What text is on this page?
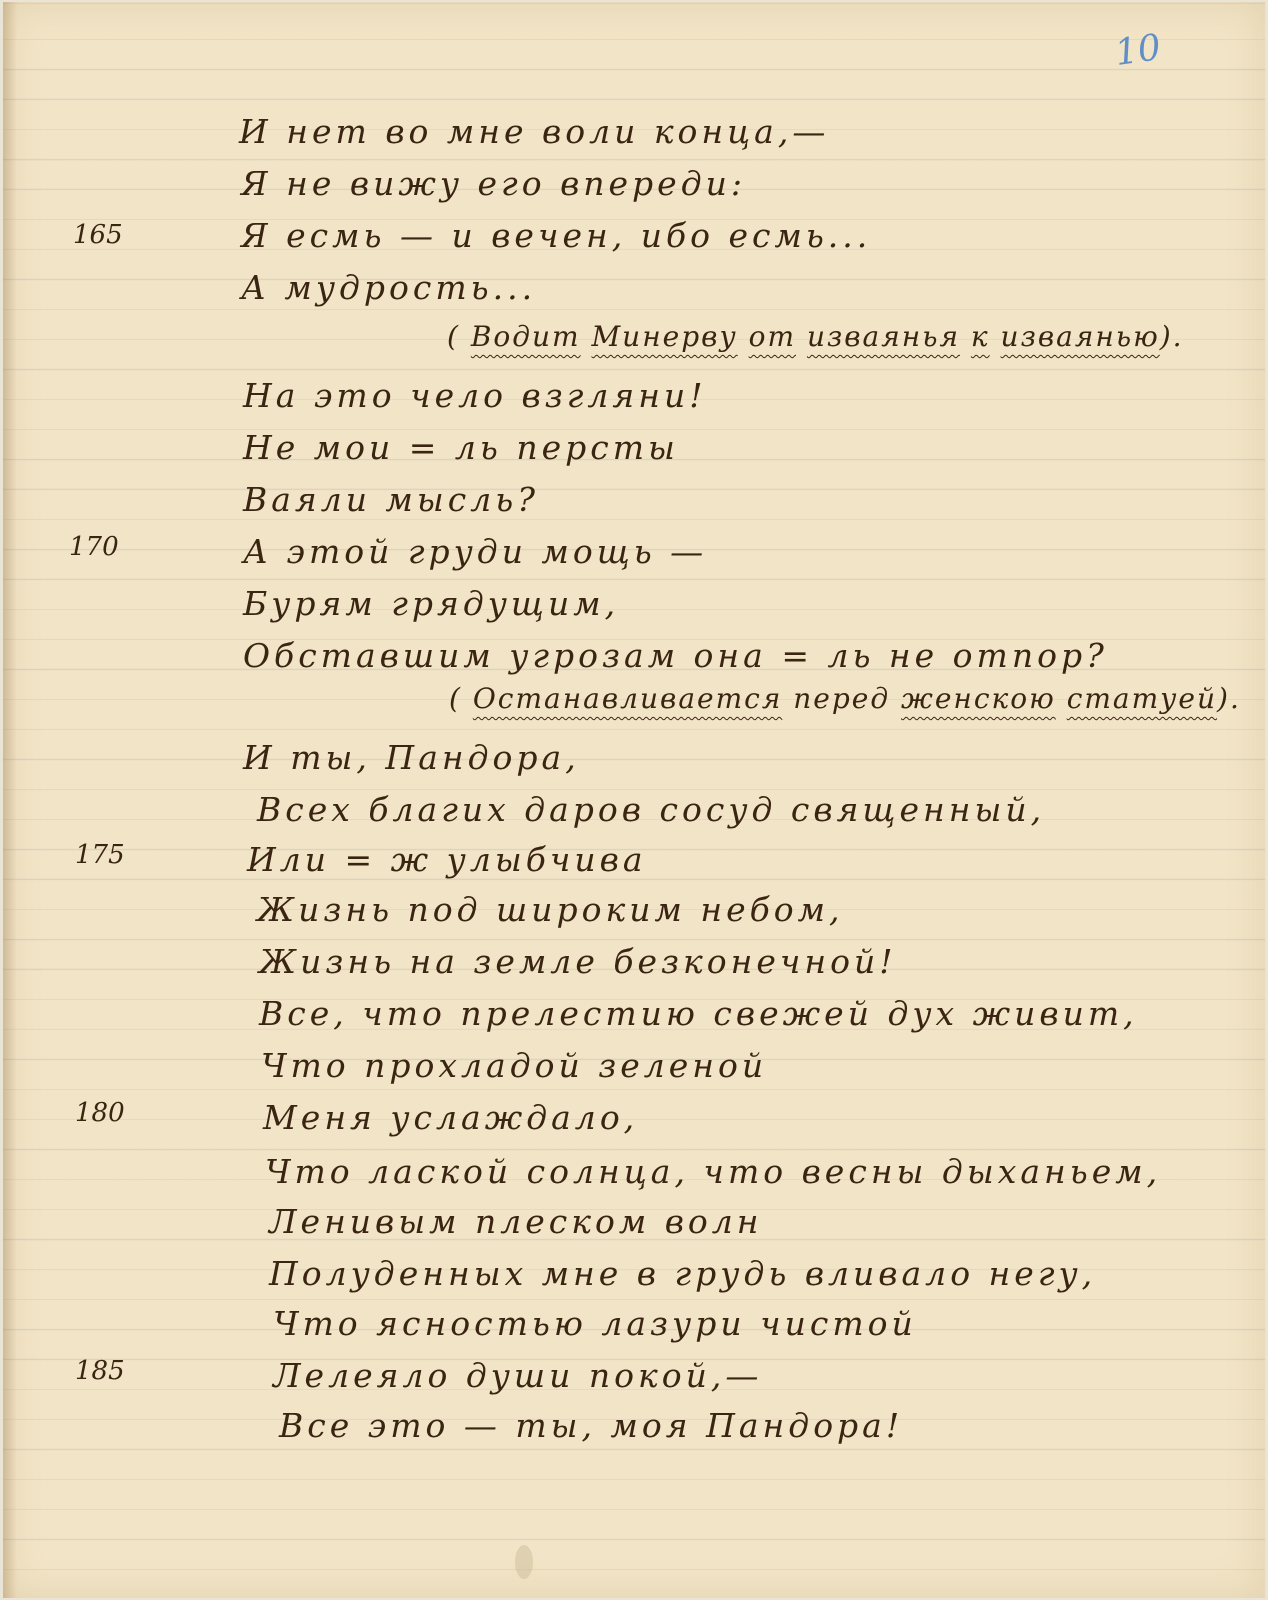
10
165
170
175
180
185
И нет во мне воли конца,—
Я не вижу его впереди:
Я есмь — и вечен, ибо есмь...
А мудрость...
( Водит Минерву от изваянья к изваянью).
На это чело взгляни!
Не мои = ль персты
Ваяли мысль?
А этой груди мощь —
Бурям грядущим,
Обставшим угрозам она = ль не отпор?
( Останавливается перед женскою статуей).
И ты, Пандора,
Всех благих даров сосуд священный,
Или = ж улыбчива
Жизнь под широким небом,
Жизнь на земле безконечной!
Все, что прелестию свежей дух живит,
Что прохладой зеленой
Меня услаждало,
Что лаской солнца, что весны дыханьем,
Ленивым плеском волн
Полуденных мне в грудь вливало негу,
Что ясностью лазури чистой
Лелеяло души покой,—
Все это — ты, моя Пандора!
